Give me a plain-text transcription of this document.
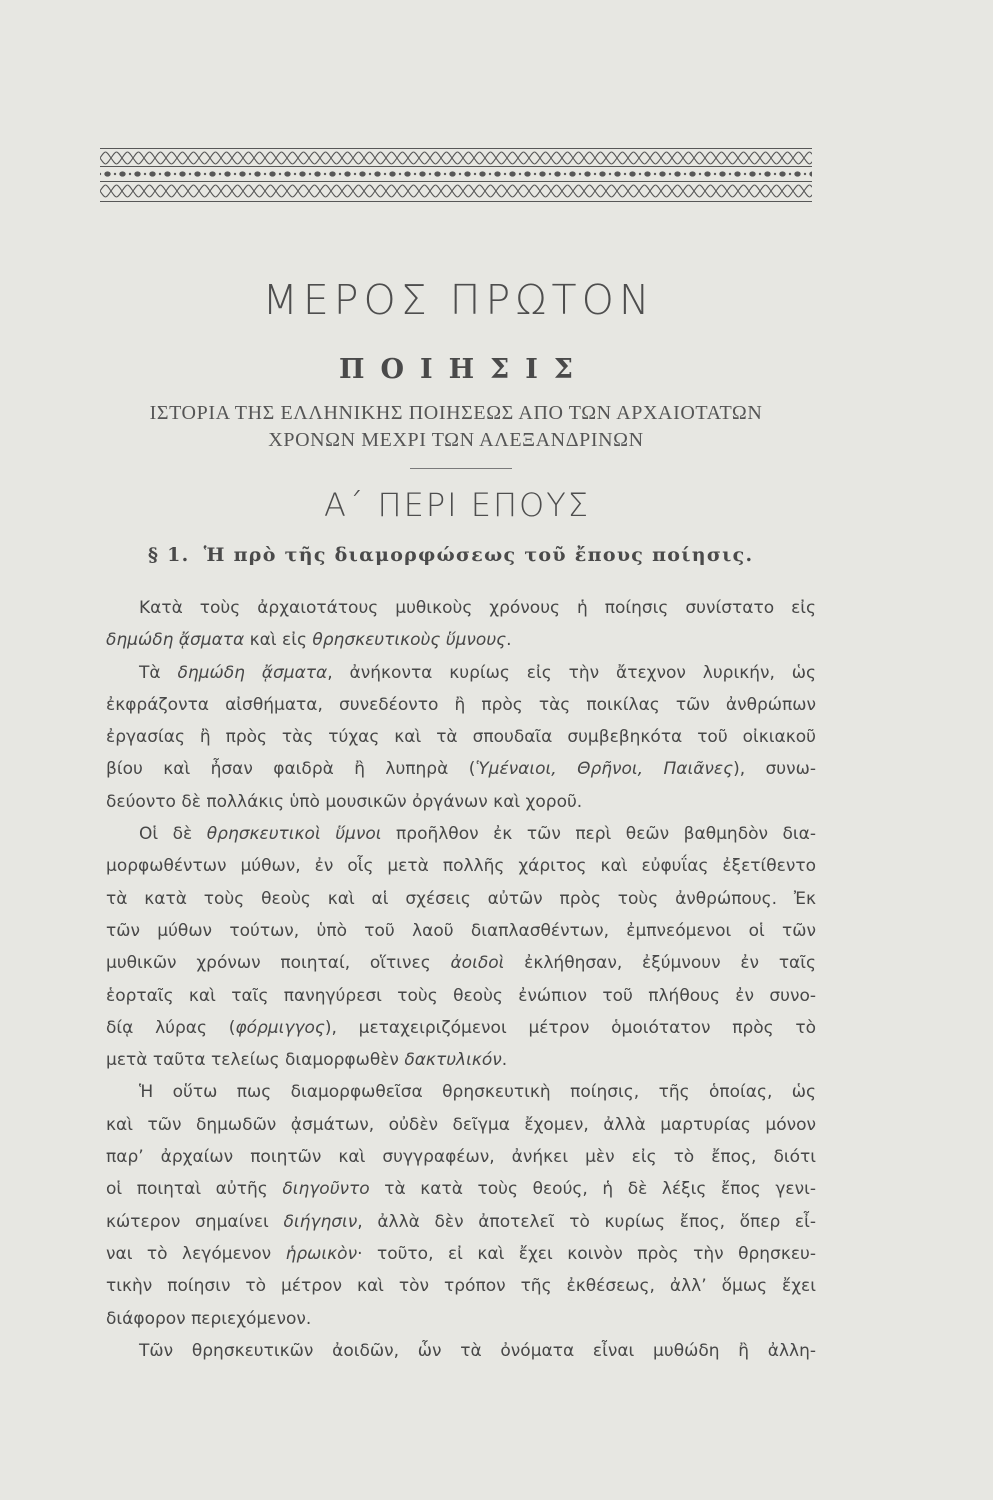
ΜΕΡΟΣ ΠΡΩΤΟΝ
ΠΟΙΗΣΙΣ
ΙΣΤΟΡΙΑ ΤΗΣ ΕΛΛΗΝΙΚΗΣ ΠΟΙΗΣΕΩΣ ΑΠΟ ΤΩΝ ΑΡΧΑΙΟΤΑΤΩΝ
ΧΡΟΝΩΝ ΜΕΧΡΙ ΤΩΝ ΑΛΕΞΑΝΔΡΙΝΩΝ
Α΄ ΠΕΡΙ ΕΠΟΥΣ
§ 1. Ἡ πρὸ τῆς διαμορφώσεως τοῦ ἔπους ποίησις.
Κατὰ τοὺς ἀρχαιοτάτους μυθικοὺς χρόνους ἡ ποίησις συνίστατο εἰς
δημώδη ᾄσματα καὶ εἰς θρησκευτικοὺς ὕμνους.
Τὰ δημώδη ᾄσματα, ἀνήκοντα κυρίως εἰς τὴν ἄτεχνον λυρικήν, ὡς
ἐκφράζοντα αἰσθήματα, συνεδέοντο ἢ πρὸς τὰς ποικίλας τῶν ἀνθρώπων
ἐργασίας ἢ πρὸς τὰς τύχας καὶ τὰ σπουδαῖα συμβεβηκότα τοῦ οἰκιακοῦ
βίου καὶ ἦσαν φαιδρὰ ἢ λυπηρὰ (Ὑμέναιοι, Θρῆνοι, Παιᾶνες), συνω-
δεύοντο δὲ πολλάκις ὑπὸ μουσικῶν ὀργάνων καὶ χοροῦ.
Οἱ δὲ θρησκευτικοὶ ὕμνοι προῆλθον ἐκ τῶν περὶ θεῶν βαθμηδὸν δια-
μορφωθέντων μύθων, ἐν οἷς μετὰ πολλῆς χάριτος καὶ εὐφυΐας ἐξετίθεντο
τὰ κατὰ τοὺς θεοὺς καὶ αἱ σχέσεις αὐτῶν πρὸς τοὺς ἀνθρώπους. Ἐκ
τῶν μύθων τούτων, ὑπὸ τοῦ λαοῦ διαπλασθέντων, ἐμπνεόμενοι οἱ τῶν
μυθικῶν χρόνων ποιηταί, οἵτινες ἀοιδοὶ ἐκλήθησαν, ἐξύμνουν ἐν ταῖς
ἑορταῖς καὶ ταῖς πανηγύρεσι τοὺς θεοὺς ἐνώπιον τοῦ πλήθους ἐν συνο-
δίᾳ λύρας (φόρμιγγος), μεταχειριζόμενοι μέτρον ὁμοιότατον πρὸς τὸ
μετὰ ταῦτα τελείως διαμορφωθὲν δακτυλικόν.
Ἡ οὕτω πως διαμορφωθεῖσα θρησκευτικὴ ποίησις, τῆς ὁποίας, ὡς
καὶ τῶν δημωδῶν ᾀσμάτων, οὐδὲν δεῖγμα ἔχομεν, ἀλλὰ μαρτυρίας μόνον
παρ’ ἀρχαίων ποιητῶν καὶ συγγραφέων, ἀνήκει μὲν εἰς τὸ ἔπος, διότι
οἱ ποιηταὶ αὐτῆς διηγοῦντο τὰ κατὰ τοὺς θεούς, ἡ δὲ λέξις ἔπος γενι-
κώτερον σημαίνει διήγησιν, ἀλλὰ δὲν ἀποτελεῖ τὸ κυρίως ἔπος, ὅπερ εἶ-
ναι τὸ λεγόμενον ἡρωικὸν· τοῦτο, εἰ καὶ ἔχει κοινὸν πρὸς τὴν θρησκευ-
τικὴν ποίησιν τὸ μέτρον καὶ τὸν τρόπον τῆς ἐκθέσεως, ἀλλ’ ὅμως ἔχει
διάφορον περιεχόμενον.
Τῶν θρησκευτικῶν ἀοιδῶν, ὧν τὰ ὀνόματα εἶναι μυθώδη ἢ ἀλλη-
